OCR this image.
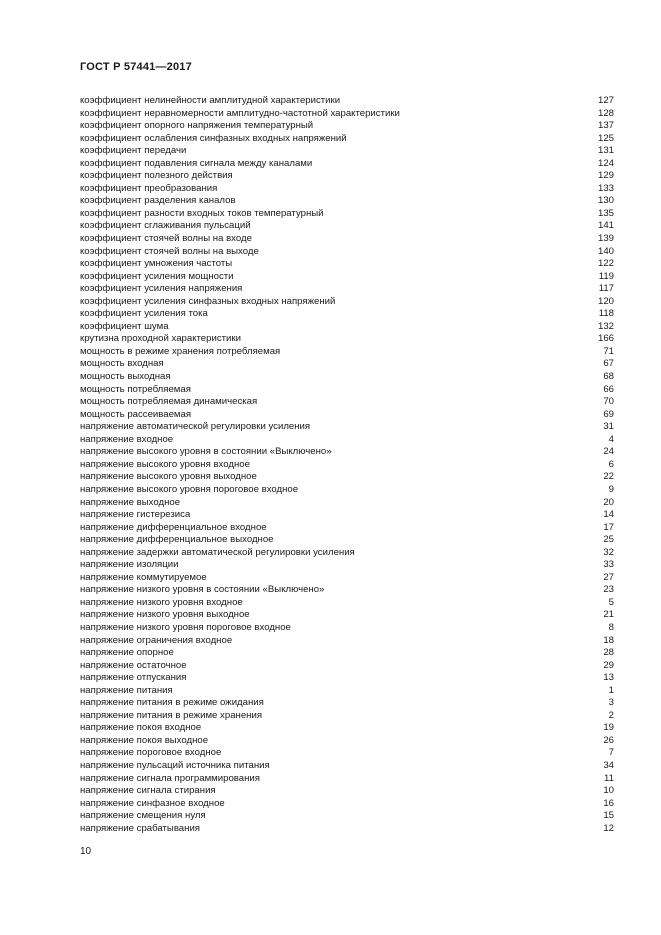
ГОСТ Р 57441—2017
коэффициент нелинейности амплитудной характеристики	127
коэффициент неравномерности амплитудно-частотной характеристики	128
коэффициент опорного напряжения температурный	137
коэффициент ослабления синфазных входных напряжений	125
коэффициент передачи	131
коэффициент подавления сигнала между каналами	124
коэффициент полезного действия	129
коэффициент преобразования	133
коэффициент разделения каналов	130
коэффициент разности входных токов температурный	135
коэффициент сглаживания пульсаций	141
коэффициент стоячей волны на входе	139
коэффициент стоячей волны на выходе	140
коэффициент умножения частоты	122
коэффициент усиления мощности	119
коэффициент усиления напряжения	117
коэффициент усиления синфазных входных напряжений	120
коэффициент усиления тока	118
коэффициент шума	132
крутизна проходной характеристики	166
мощность в режиме хранения потребляемая	71
мощность входная	67
мощность выходная	68
мощность потребляемая	66
мощность потребляемая динамическая	70
мощность рассеиваемая	69
напряжение автоматической регулировки усиления	31
напряжение входное	4
напряжение высокого уровня в состоянии «Выключено»	24
напряжение высокого уровня входное	6
напряжение высокого уровня выходное	22
напряжение высокого уровня пороговое входное	9
напряжение выходное	20
напряжение гистерезиса	14
напряжение дифференциальное входное	17
напряжение дифференциальное выходное	25
напряжение задержки автоматической регулировки усиления	32
напряжение изоляции	33
напряжение коммутируемое	27
напряжение низкого уровня в состоянии «Выключено»	23
напряжение низкого уровня входное	5
напряжение низкого уровня выходное	21
напряжение низкого уровня пороговое входное	8
напряжение ограничения входное	18
напряжение опорное	28
напряжение остаточное	29
напряжение отпускания	13
напряжение питания	1
напряжение питания в режиме ожидания	3
напряжение питания в режиме хранения	2
напряжение покоя входное	19
напряжение покоя выходное	26
напряжение пороговое входное	7
напряжение пульсаций источника питания	34
напряжение сигнала программирования	11
напряжение сигнала стирания	10
напряжение синфазное входное	16
напряжение смещения нуля	15
напряжение срабатывания	12
10
